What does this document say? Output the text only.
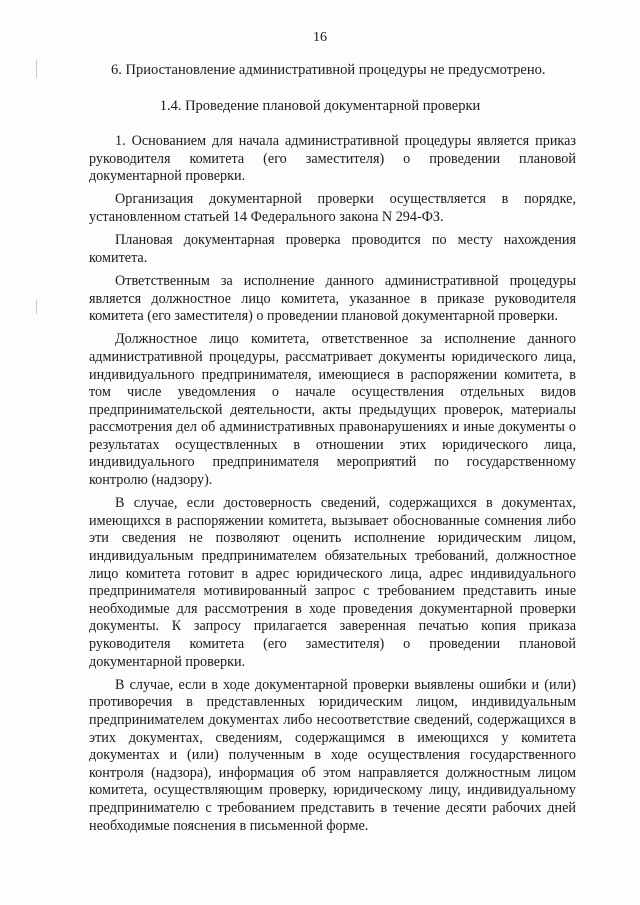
16
6. Приостановление административной процедуры не предусмотрено.
1.4. Проведение плановой документарной проверки

1. Основанием для начала административной процедуры является приказ руководителя комитета (его заместителя) о проведении плановой документарной проверки.

Организация документарной проверки осуществляется в порядке, установленном статьей 14 Федерального закона N 294-ФЗ.

Плановая документарная проверка проводится по месту нахождения комитета.

Ответственным за исполнение данного административной процедуры является должностное лицо комитета, указанное в приказе руководителя комитета (его заместителя) о проведении плановой документарной проверки.

Должностное лицо комитета, ответственное за исполнение данного административной процедуры, рассматривает документы юридического лица, индивидуального предпринимателя, имеющиеся в распоряжении комитета, в том числе уведомления о начале осуществления отдельных видов предпринимательской деятельности, акты предыдущих проверок, материалы рассмотрения дел об административных правонарушениях и иные документы о результатах осуществленных в отношении этих юридического лица, индивидуального предпринимателя мероприятий по государственному контролю (надзору).

В случае, если достоверность сведений, содержащихся в документах, имеющихся в распоряжении комитета, вызывает обоснованные сомнения либо эти сведения не позволяют оценить исполнение юридическим лицом, индивидуальным предпринимателем обязательных требований, должностное лицо комитета готовит в адрес юридического лица, адрес индивидуального предпринимателя мотивированный запрос с требованием представить иные необходимые для рассмотрения в ходе проведения документарной проверки документы. К запросу прилагается заверенная печатью копия приказа руководителя комитета (его заместителя) о проведении плановой документарной проверки.

В случае, если в ходе документарной проверки выявлены ошибки и (или) противоречия в представленных юридическим лицом, индивидуальным предпринимателем документах либо несоответствие сведений, содержащихся в этих документах, сведениям, содержащимся в имеющихся у комитета документах и (или) полученным в ходе осуществления государственного контроля (надзора), информация об этом направляется должностным лицом комитета, осуществляющим проверку, юридическому лицу, индивидуальному предпринимателю с требованием представить в течение десяти рабочих дней необходимые пояснения в письменной форме.
